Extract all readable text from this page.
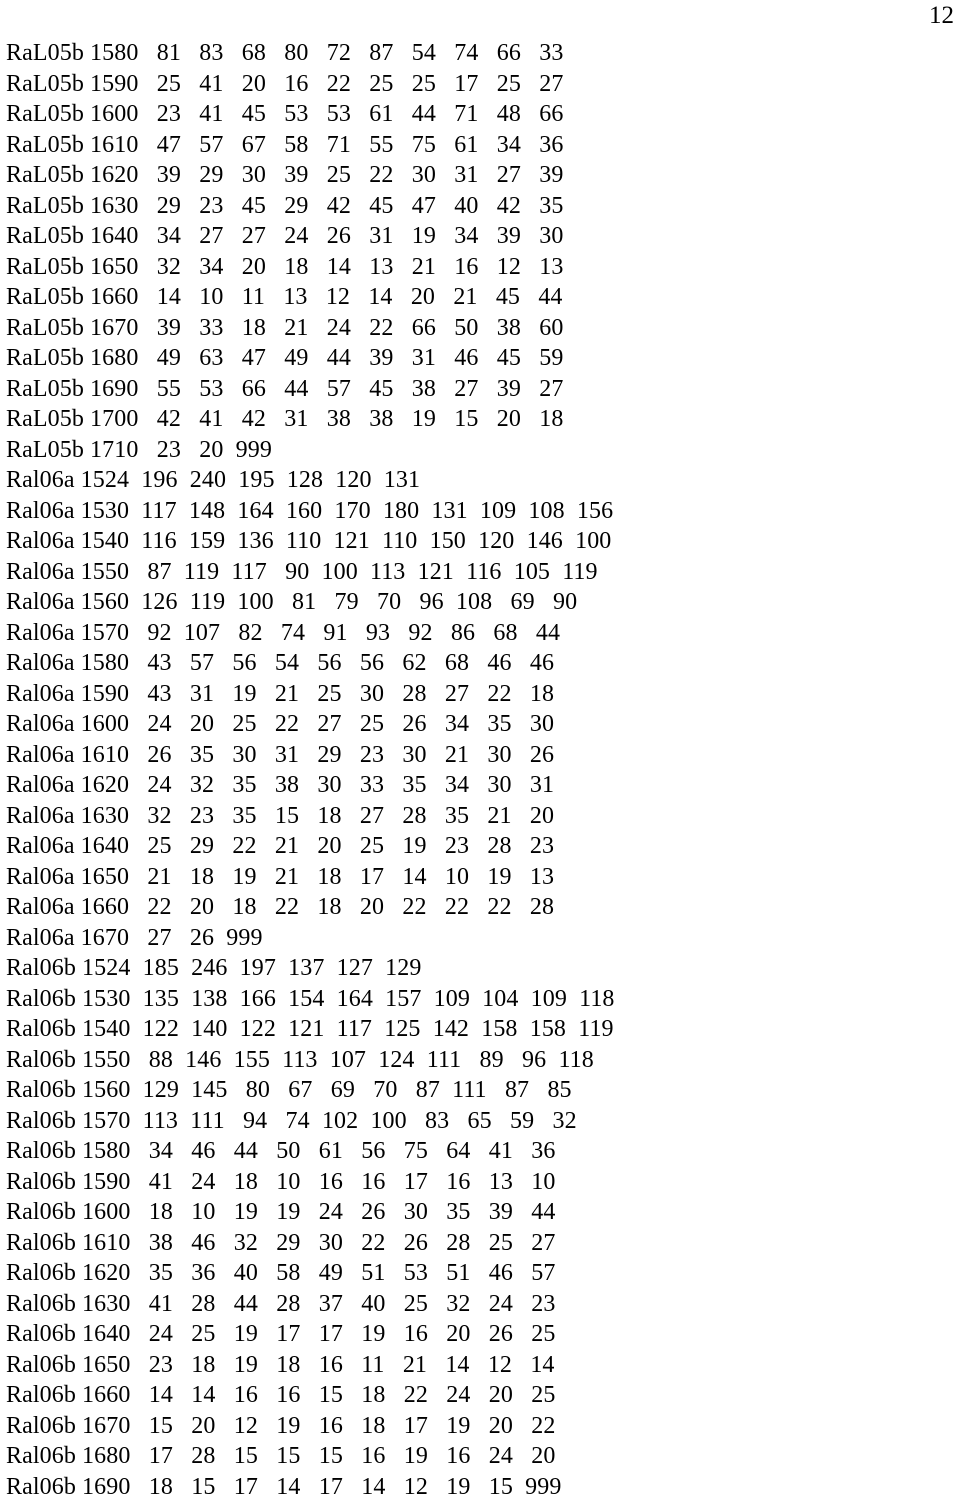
12
RaL05b 1580   81   83   68   80   72   87   54   74   66   33
RaL05b 1590   25   41   20   16   22   25   25   17   25   27
RaL05b 1600   23   41   45   53   53   61   44   71   48   66
RaL05b 1610   47   57   67   58   71   55   75   61   34   36
RaL05b 1620   39   29   30   39   25   22   30   31   27   39
RaL05b 1630   29   23   45   29   42   45   47   40   42   35
RaL05b 1640   34   27   27   24   26   31   19   34   39   30
RaL05b 1650   32   34   20   18   14   13   21   16   12   13
RaL05b 1660   14   10   11   13   12   14   20   21   45   44
RaL05b 1670   39   33   18   21   24   22   66   50   38   60
RaL05b 1680   49   63   47   49   44   39   31   46   45   59
RaL05b 1690   55   53   66   44   57   45   38   27   39   27
RaL05b 1700   42   41   42   31   38   38   19   15   20   18
RaL05b 1710   23   20  999
Ral06a 1524  196  240  195  128  120  131
Ral06a 1530  117  148  164  160  170  180  131  109  108  156
Ral06a 1540  116  159  136  110  121  110  150  120  146  100
Ral06a 1550   87  119  117   90  100  113  121  116  105  119
Ral06a 1560  126  119  100   81   79   70   96  108   69   90
Ral06a 1570   92  107   82   74   91   93   92   86   68   44
Ral06a 1580   43   57   56   54   56   56   62   68   46   46
Ral06a 1590   43   31   19   21   25   30   28   27   22   18
Ral06a 1600   24   20   25   22   27   25   26   34   35   30
Ral06a 1610   26   35   30   31   29   23   30   21   30   26
Ral06a 1620   24   32   35   38   30   33   35   34   30   31
Ral06a 1630   32   23   35   15   18   27   28   35   21   20
Ral06a 1640   25   29   22   21   20   25   19   23   28   23
Ral06a 1650   21   18   19   21   18   17   14   10   19   13
Ral06a 1660   22   20   18   22   18   20   22   22   22   28
Ral06a 1670   27   26  999
Ral06b 1524  185  246  197  137  127  129
Ral06b 1530  135  138  166  154  164  157  109  104  109  118
Ral06b 1540  122  140  122  121  117  125  142  158  158  119
Ral06b 1550   88  146  155  113  107  124  111   89   96  118
Ral06b 1560  129  145   80   67   69   70   87  111   87   85
Ral06b 1570  113  111   94   74  102  100   83   65   59   32
Ral06b 1580   34   46   44   50   61   56   75   64   41   36
Ral06b 1590   41   24   18   10   16   16   17   16   13   10
Ral06b 1600   18   10   19   19   24   26   30   35   39   44
Ral06b 1610   38   46   32   29   30   22   26   28   25   27
Ral06b 1620   35   36   40   58   49   51   53   51   46   57
Ral06b 1630   41   28   44   28   37   40   25   32   24   23
Ral06b 1640   24   25   19   17   17   19   16   20   26   25
Ral06b 1650   23   18   19   18   16   11   21   14   12   14
Ral06b 1660   14   14   16   16   15   18   22   24   20   25
Ral06b 1670   15   20   12   19   16   18   17   19   20   22
Ral06b 1680   17   28   15   15   15   16   19   16   24   20
Ral06b 1690   18   15   17   14   17   14   12   19   15  999
